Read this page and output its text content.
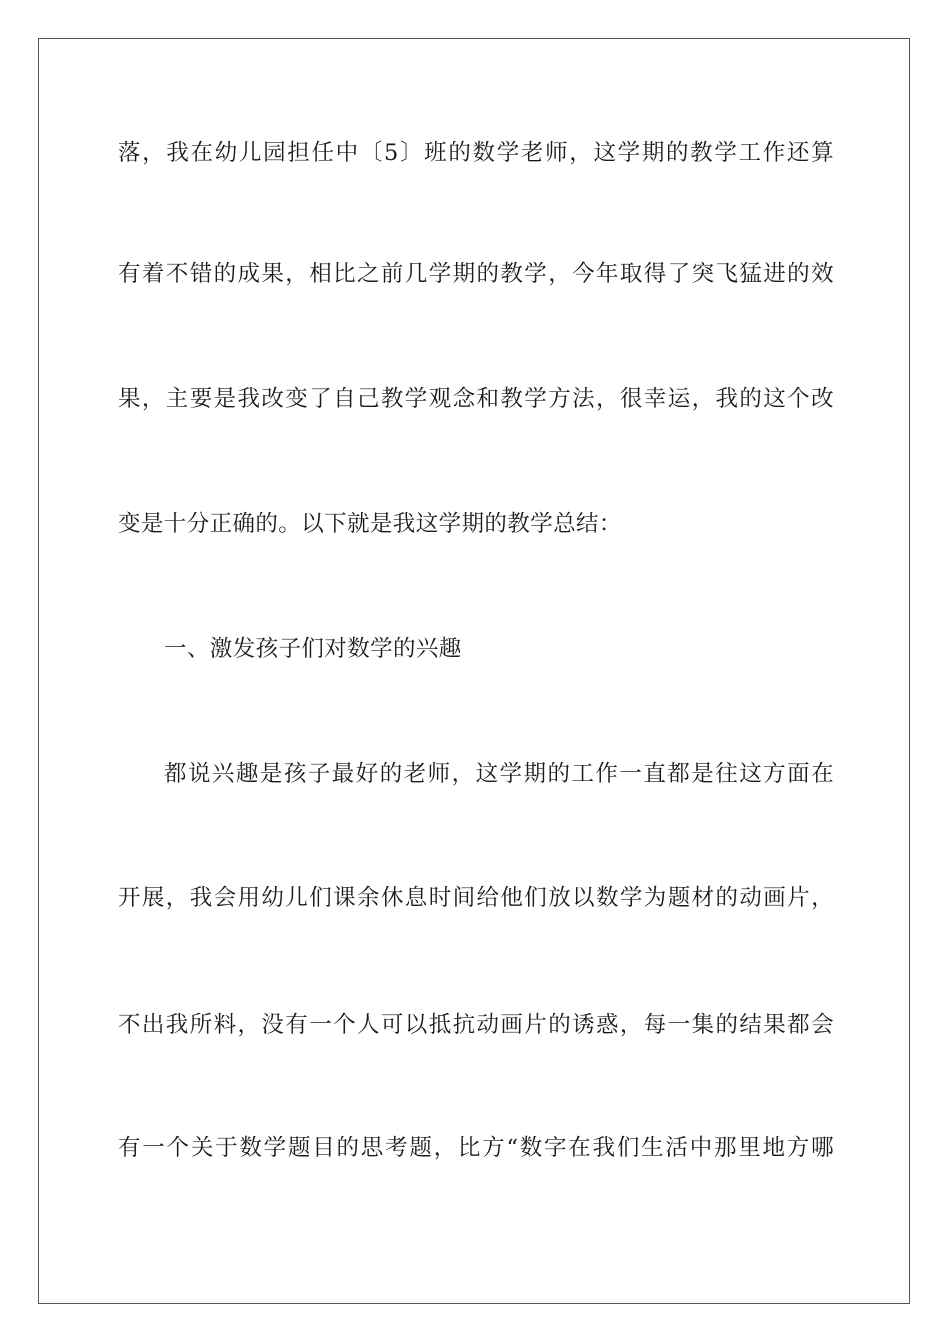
落，我在幼儿园担任中〔5〕班的数学老师，这学期的教学工作还算
有着不错的成果，相比之前几学期的教学，今年取得了突飞猛进的效
果，主要是我改变了自己教学观念和教学方法，很幸运，我的这个改
变是十分正确的。以下就是我这学期的教学总结：
一、激发孩子们对数学的兴趣
都说兴趣是孩子最好的老师，这学期的工作一直都是往这方面在
开展，我会用幼儿们课余休息时间给他们放以数学为题材的动画片，
不出我所料，没有一个人可以抵抗动画片的诱惑，每一集的结果都会
有一个关于数学题目的思考题，比方“数字在我们生活中那里地方哪
